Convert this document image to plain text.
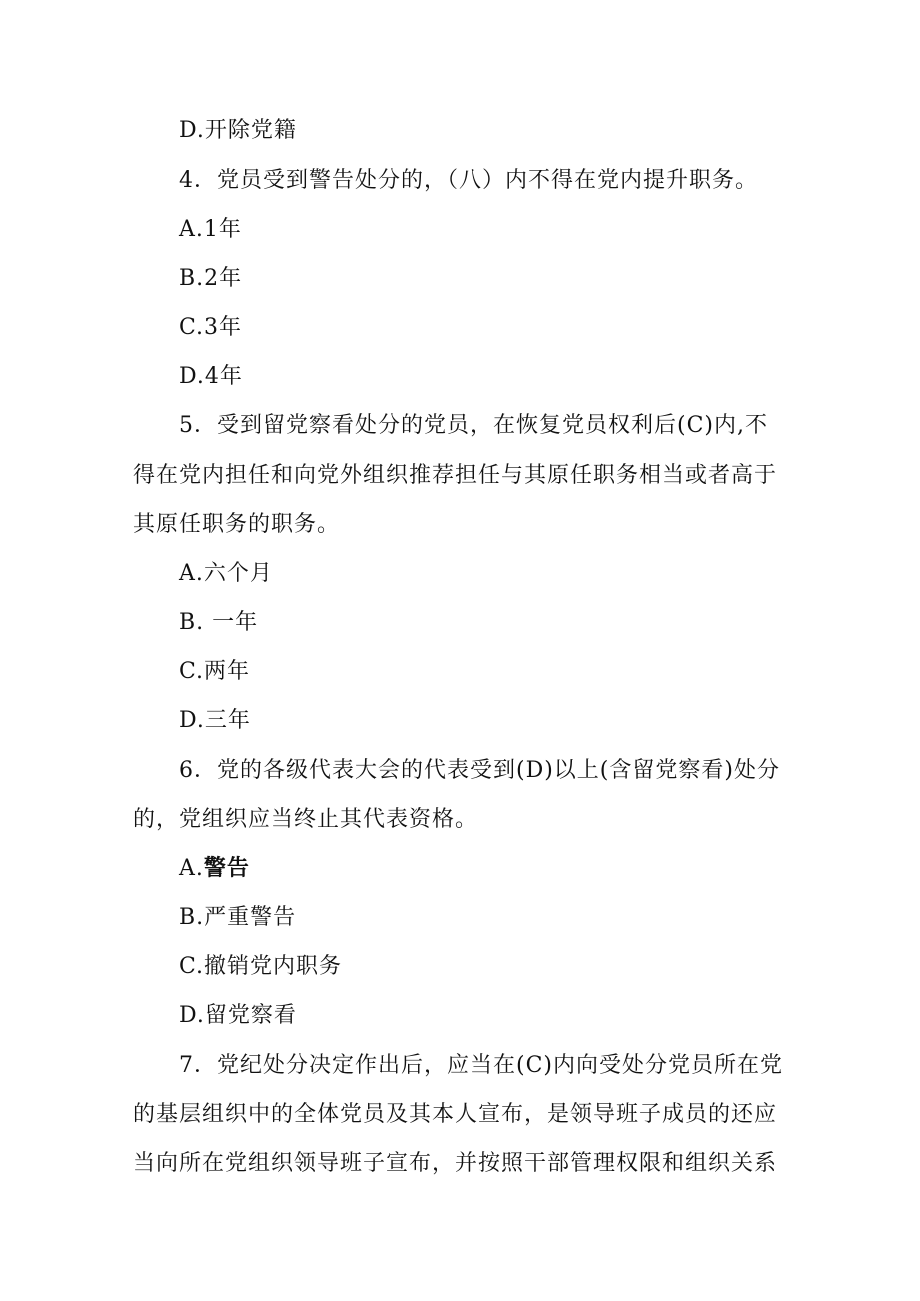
D.开除党籍
4．党员受到警告处分的，（八）内不得在党内提升职务。
A.1年
B.2年
C.3年
D.4年
5．受到留党察看处分的党员，在恢复党员权利后(C)内,不
得在党内担任和向党外组织推荐担任与其原任职务相当或者高于
其原任职务的职务。
A.六个月
B. 一年
C.两年
D.三年
6．党的各级代表大会的代表受到(D)以上(含留党察看)处分
的，党组织应当终止其代表资格。
A.警告
B.严重警告
C.撤销党内职务
D.留党察看
7．党纪处分决定作出后，应当在(C)内向受处分党员所在党
的基层组织中的全体党员及其本人宣布，是领导班子成员的还应
当向所在党组织领导班子宣布，并按照干部管理权限和组织关系
